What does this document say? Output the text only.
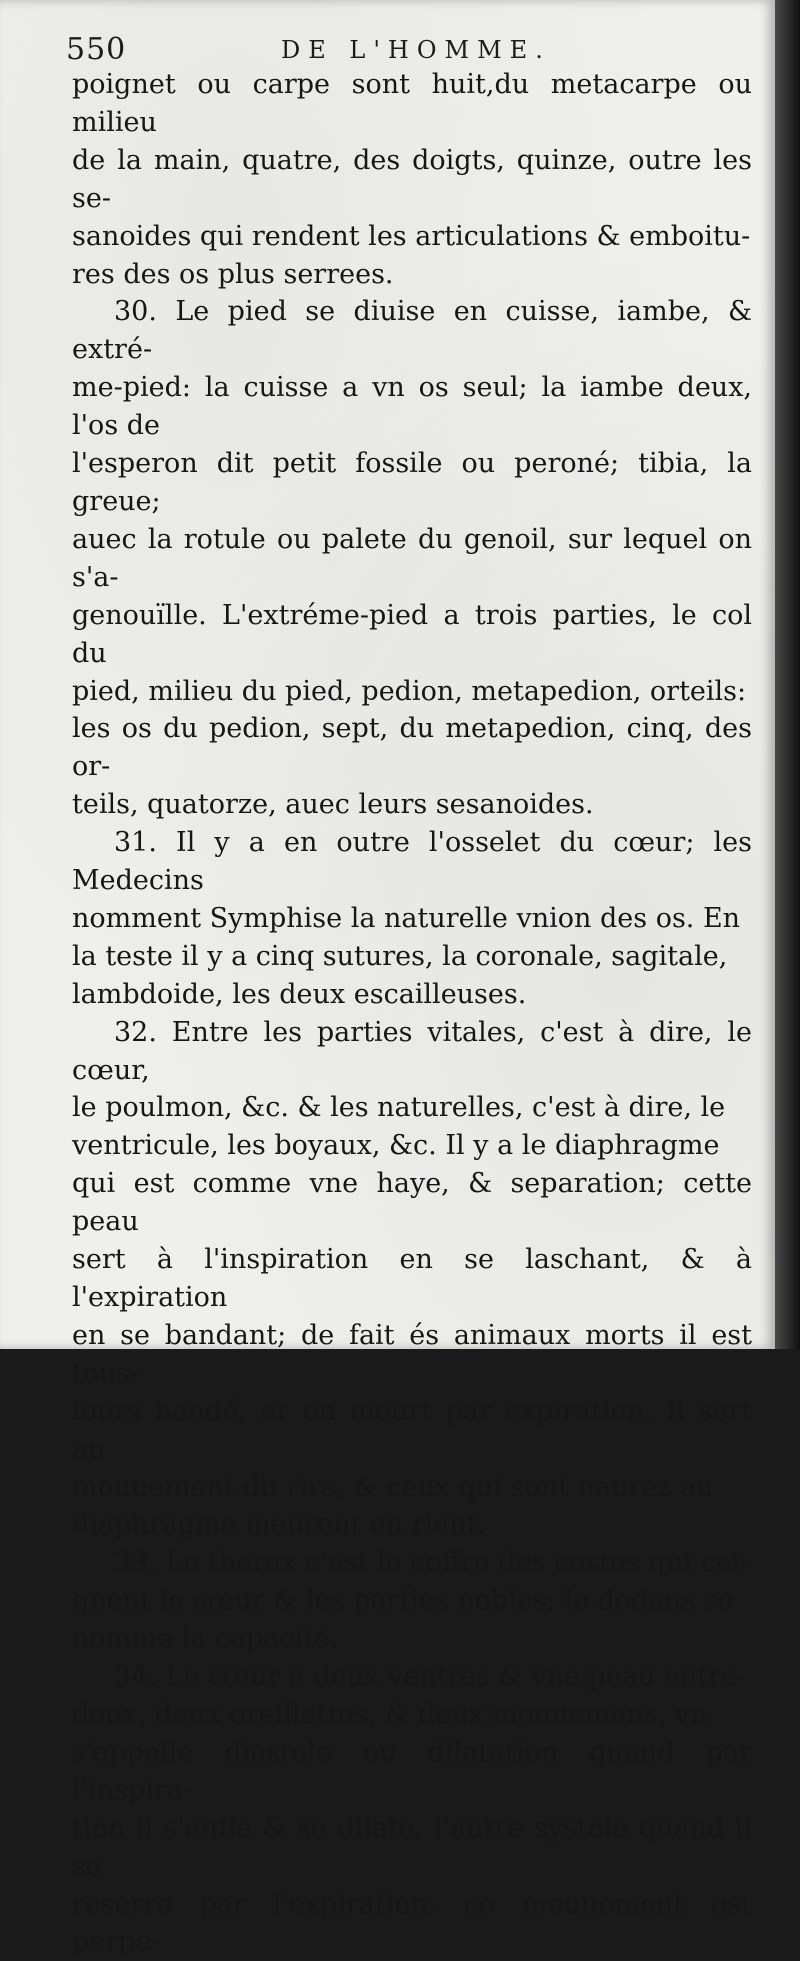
550	DE L'HOMME.

poignet ou carpe sont huit,du metacarpe ou milieu
de la main, quatre, des doigts, quinze, outre les se-
sanoides qui rendent les articulations & emboitu-
res des os plus serrees.

30. Le pied se diuise en cuisse, iambe, & extré-
me-pied: la cuisse a vn os seul; la iambe deux, l'os de
l'esperon dit petit fossile ou peroné; tibia, la greue;
auec la rotule ou palete du genoil, sur lequel on s'a-
genouïlle. L'extréme-pied a trois parties, le col du
pied, milieu du pied, pedion, metapedion, orteils:
les os du pedion, sept, du metapedion, cinq, des or-
teils, quatorze, auec leurs sesanoides.

31. Il y a en outre l'osselet du cœur; les Medecins
nomment Symphise la naturelle vnion des os. En
la teste il y a cinq sutures, la coronale, sagitale,
lambdoide, les deux escailleuses.

32. Entre les parties vitales, c'est à dire, le cœur,
le poulmon, &c. & les naturelles, c'est à dire, le
ventricule, les boyaux, &c. Il y a le diaphragme
qui est comme vne haye, & separation; cette peau
sert à l'inspiration en se laschant, & à l'expiration
en se bandant; de fait és animaux morts il est tous-
iours bandé, or on meurt par expiration. Il sert au
mouuement du rire, & ceux qui sont naurez au
diaphragme meurent en riant.

33. Le thorax c'est le coffre des costes qui cei-
gnent le cœur & les parties nobles; le dedans se
nomme la capacité.

34. Le cœur a deux ventres & vne peau entre-
deux, deux oreillettes, & deux mouuemens, vn
s'appelle diastole ou dilatation quand par l'inspira-
tion il s'enfle & se dilate, l'autre systole quand il se
reserre par l'expiration, ce mouuement est perpe-
